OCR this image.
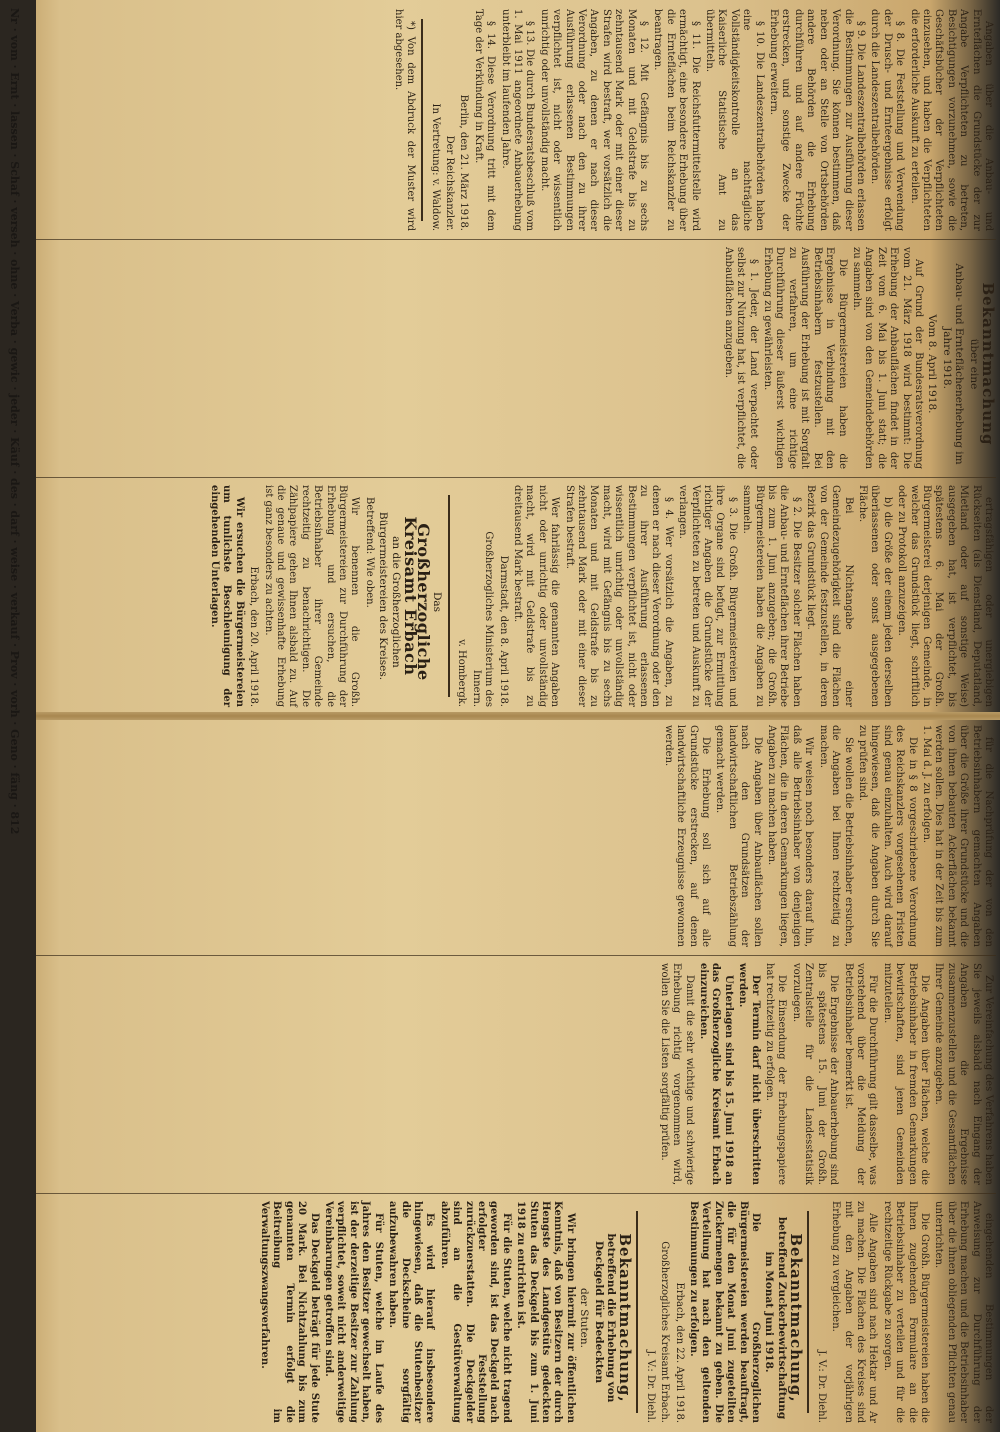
Angaben über die Anbau- und Ernteflächen die Grundstücke der zur Angabe Verpflichteten zu betreten, Besichtigungen vorzunehmen, sowie die Geschäftsbücher der Verpflichteten einzusehen, und haben die Verpflichteten die erforderliche Auskunft zu erteilen.

§ 8. Die Feststellung und Verwendung der Drusch- und Ernteergebnisse erfolgt durch die Landeszentralbehörden.

§ 9. Die Landeszentralbehörden erlassen die Bestimmungen zur Ausführung dieser Verordnung. Sie können bestimmen, daß neben oder an Stelle von Ortsbehörden andere Behörden die Erhebung durchführen und auf andere Früchte erstrecken, und sonstige Zwecke der Erhebung erweitern.

§ 10. Die Landeszentralbehörden haben eine nachträgliche Vollständigkeitskontrolle an das Kaiserliche Statistische Amt zu übermitteln.

§ 11. Die Reichsfuttermittelstelle wird ermächtigt, eine besondere Erhebung über die Ernteflächen beim Reichskanzler zu beantragen.

§ 12. Mit Gefängnis bis zu sechs Monaten und mit Geldstrafe bis zu zehntausend Mark oder mit einer dieser Strafen wird bestraft, wer vorsätzlich die Angaben, zu denen er nach dieser Verordnung oder nach den zu ihrer Ausführung erlassenen Bestimmungen verpflichtet ist, nicht oder wissentlich unrichtig oder unvollständig macht.

§ 13. Die durch Bundesratsbeschluß vom 1. Mai 1911 angeordnete Anbauerhebung unterbleibt im laufenden Jahre.

§ 14. Diese Verordnung tritt mit dem Tage der Verkündung in Kraft.

Berlin, den 21. März 1918.

Der Reichskanzler.

In Vertretung: v. Waldow.

*) Von dem Abdruck der Muster wird hier abgesehen.

Bekanntmachung

über eine

Anbau- und Ernteflächenerhebung im Jahre 1918.

Vom 8. April 1918.

Auf Grund der Bundesratsverordnung vom 21. März 1918 wird bestimmt: Die Erhebung der Anbauflächen findet in der Zeit vom 6. Mai bis 1. Juni statt; die Angaben sind von den Gemeindebehörden zu sammeln.

Die Bürgermeistereien haben die Ergebnisse in Verbindung mit den Betriebsinhabern festzustellen. Bei Ausführung der Erhebung ist mit Sorgfalt zu verfahren, um eine richtige Durchführung dieser äußerst wichtigen Erhebung zu gewährleisten.

§ 1. Jeder, der Land verpachtet oder selbst zur Nutzung hat, ist verpflichtet, die Anbauflächen anzugeben.

ertragsfähigen oder unergiebigen Rückseiten (als Dienstland, Deputatland, Mietland oder auf sonstige Weise) ausgegeben hat, ist verpflichtet, bis spätestens 6. Mai der Großh. Bürgermeisterei derjenigen Gemeinde, in welcher das Grundstück liegt, schriftlich oder zu Protokoll anzuzeigen.

b) die Größe der einem jeden derselben überlassenen oder sonst ausgegebenen Fläche.

Bei Nichtangabe einer Gemeindezugehörigkeit sind die Flächen von der Gemeinde festzustellen, in deren Bezirk das Grundstück liegt.

§ 2. Die Besitzer solcher Flächen haben die Anbau- und Ernteflächen ihrer Betriebe bis zum 1. Juni anzugeben; die Großh. Bürgermeistereien haben die Angaben zu sammeln.

§ 3. Die Großh. Bürgermeistereien und ihre Organe sind befugt, zur Ermittlung richtiger Angaben die Grundstücke der Verpflichteten zu betreten und Auskunft zu verlangen.

§ 4. Wer vorsätzlich die Angaben, zu denen er nach dieser Verordnung oder den zu ihrer Ausführung erlassenen Bestimmungen verpflichtet ist, nicht oder wissentlich unrichtig oder unvollständig macht, wird mit Gefängnis bis zu sechs Monaten und mit Geldstrafe bis zu zehntausend Mark oder mit einer dieser Strafen bestraft.

Wer fahrlässig die genannten Angaben nicht oder unrichtig oder unvollständig macht, wird mit Geldstrafe bis zu dreitausend Mark bestraft.

Darmstadt, den 8. April 1918.

Großherzogliches Ministerium des Innern.

v. Hombergk.

Das

Großherzogliche Kreisamt Erbach

an die Großherzoglichen Bürgermeistereien des Kreises.

Betreffend: Wie oben.

Wir benennen die Großh. Bürgermeistereien zur Durchführung der Erhebung und ersuchen, die Betriebsinhaber ihrer Gemeinde rechtzeitig zu benachrichtigen. Die Zählpapiere gehen Ihnen alsbald zu. Auf die genaue und gewissenhafte Erhebung ist ganz besonders zu achten.

Erbach, den 20. April 1918.

Wir ersuchen die Bürgermeistereien um tunlichste Beschleunigung der eingehenden Unterlagen.

für die Nachprüfung der von den Betriebsinhabern gemachten Angaben über die Größe ihrer Grundstücke und die von ihnen bebauten Ackerflächen bekannt werden sollen. Dies hat in der Zeit bis zum 1. Mai d. J. zu erfolgen.

Die in § 8 vorgeschriebene Verordnung des Reichskanzlers vorgesehenen Fristen sind genau einzuhalten. Auch wird darauf hingewiesen, daß die Angaben durch Sie zu prüfen sind.

Sie wollen die Betriebsinhaber ersuchen, die Angaben bei Ihnen rechtzeitig zu machen.

Wir weisen noch besonders darauf hin, daß alle Betriebsinhaber von denjenigen Flächen, die in deren Gemarkungen liegen, Angaben zu machen haben.

Die Angaben über Anbauflächen sollen nach den Grundsätzen der landwirtschaftlichen Betriebszählung gemacht werden.

Die Erhebung soll sich auf alle Grundstücke erstrecken, auf denen landwirtschaftliche Erzeugnisse gewonnen werden.

Zur Vereinfachung des Verfahrens haben Sie jeweils alsbald nach Eingang der Angaben die Ergebnisse zusammenzustellen und die Gesamtflächen Ihrer Gemeinde anzugeben.

Die Angaben über Flächen, welche die Betriebsinhaber in fremden Gemarkungen bewirtschaften, sind jenen Gemeinden mitzuteilen.

Für die Durchführung gilt dasselbe, was vorstehend über die Meldung der Betriebsinhaber bemerkt ist.

Die Ergebnisse der Anbauerhebung sind bis spätestens 15. Juni der Großh. Zentralstelle für die Landesstatistik vorzulegen.

Die Einsendung der Erhebungspapiere hat rechtzeitig zu erfolgen.

Der Termin darf nicht überschritten werden.

Unterlagen sind bis 15. Juni 1918 an das Großherzogliche Kreisamt Erbach einzureichen.

Damit die sehr wichtige und schwierige Erhebung richtig vorgenommen wird, wollen Sie die Listen sorgfältig prüfen.

eingehenden Bestimmungen der Anweisung zur Durchführung der Erhebung machen und die Betriebsinhaber über die ihnen obliegenden Pflichten genau unterrichten.

Die Großh. Bürgermeistereien haben die Ihnen zugehenden Formulare an die Betriebsinhaber zu verteilen und für die rechtzeitige Rückgabe zu sorgen.

Alle Angaben sind nach Hektar und Ar zu machen. Die Flächen des Kreises sind mit den Angaben der vorjährigen Erhebung zu vergleichen.

J. V.: Dr. Diehl.

Bekanntmachung,

betreffend Zuckerbewirtschaftung im Monat Juni 1918.

Die Großherzoglichen Bürgermeistereien werden beauftragt, die für den Monat Juni zugeteilten Zuckermengen bekannt zu geben. Die Verteilung hat nach den geltenden Bestimmungen zu erfolgen.

Erbach, den 22. April 1918.

Großherzogliches Kreisamt Erbach.

J. V.: Dr. Diehl.

Bekanntmachung,

betreffend die Erhebung von Deckgeld für Bedeckten

der Stuten.

Wir bringen hiermit zur öffentlichen Kenntnis, daß von Besitzern der durch Hengste des Landgestüts gedeckten Stuten das Deckgeld bis zum 1. Juni 1918 zu entrichten ist.

Für die Stuten, welche nicht tragend geworden sind, ist das Deckgeld nach erfolgter Feststellung zurückzuerstatten. Die Deckgelder sind an die Gestütverwaltung abzuführen.

Es wird hierauf insbesondere hingewiesen, daß die Stutenbesitzer die Deckscheine sorgfältig aufzubewahren haben.

Für Stuten, welche im Laufe des Jahres den Besitzer gewechselt haben, ist der derzeitige Besitzer zur Zahlung verpflichtet, soweit nicht anderweitige Vereinbarungen getroffen sind.

Das Deckgeld beträgt für jede Stute 20 Mark. Bei Nichtzahlung bis zum genannten Termin erfolgt die Beitreibung im Verwaltungszwangsverfahren.

Nr · vom · Ernt · lassen · Schaf · verseh · ohne · Verba · gewic · jeder · Käuf · des · darf · weise · verkauf · Prov · vorh · Geno · fäng · 812
